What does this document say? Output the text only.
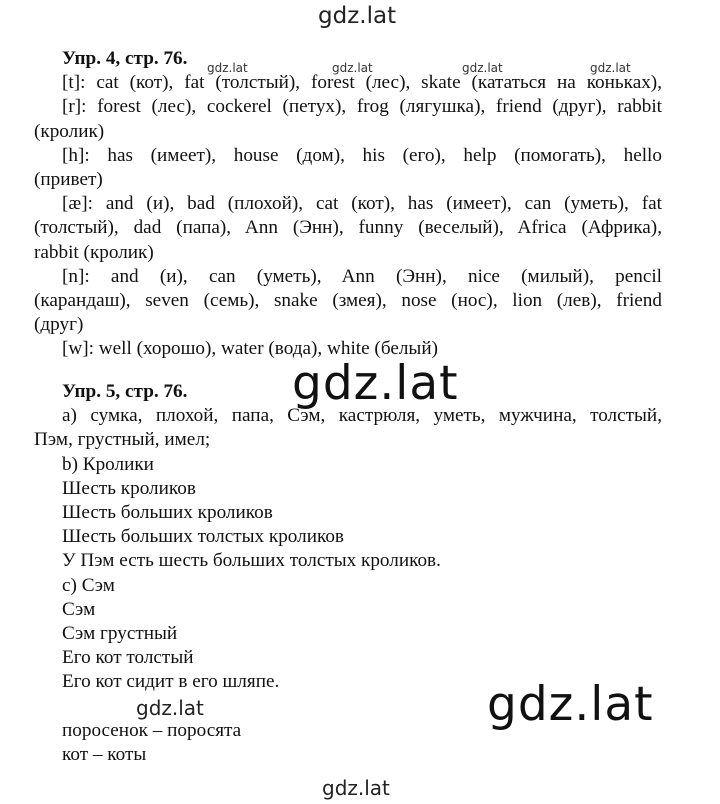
gdz.lat
gdz.lat	gdz.lat	gdz.lat	gdz.lat

Упр. 4, стр. 76.

[t]: cat (кот), fat (толстый), forest (лес), skate (кататься на коньках),

[r]: forest (лес), cockerel (петух), frog (лягушка), friend (друг), rabbit

(кролик)

[h]: has (имеет), house (дом), his (его), help (помогать), hello

(привет)

[æ]: and (и), bad (плохой), cat (кот), has (имеет), can (уметь), fat

(толстый), dad (папа), Ann (Энн), funny (веселый), Africa (Африка),

rabbit (кролик)

[n]: and (и), can (уметь), Ann (Энн), nice (милый), pencil

(карандаш), seven (семь), snake (змея), nose (нос), lion (лев), friend

(друг)

[w]: well (хорошо), water (вода), white (белый)

Упр. 5, стр. 76.

a) сумка, плохой, папа, Сэм, кастрюля, уметь, мужчина, толстый,

Пэм, грустный, имел;

b) Кролики

Шесть кроликов

Шесть больших кроликов

Шесть больших толстых кроликов

У Пэм есть шесть больших толстых кроликов.

c) Сэм

Сэм

Сэм грустный

Его кот толстый

Его кот сидит в его шляпе.

поросенок – поросята

кот – коты

gdz.lat
gdz.lat
gdz.lat
gdz.lat
